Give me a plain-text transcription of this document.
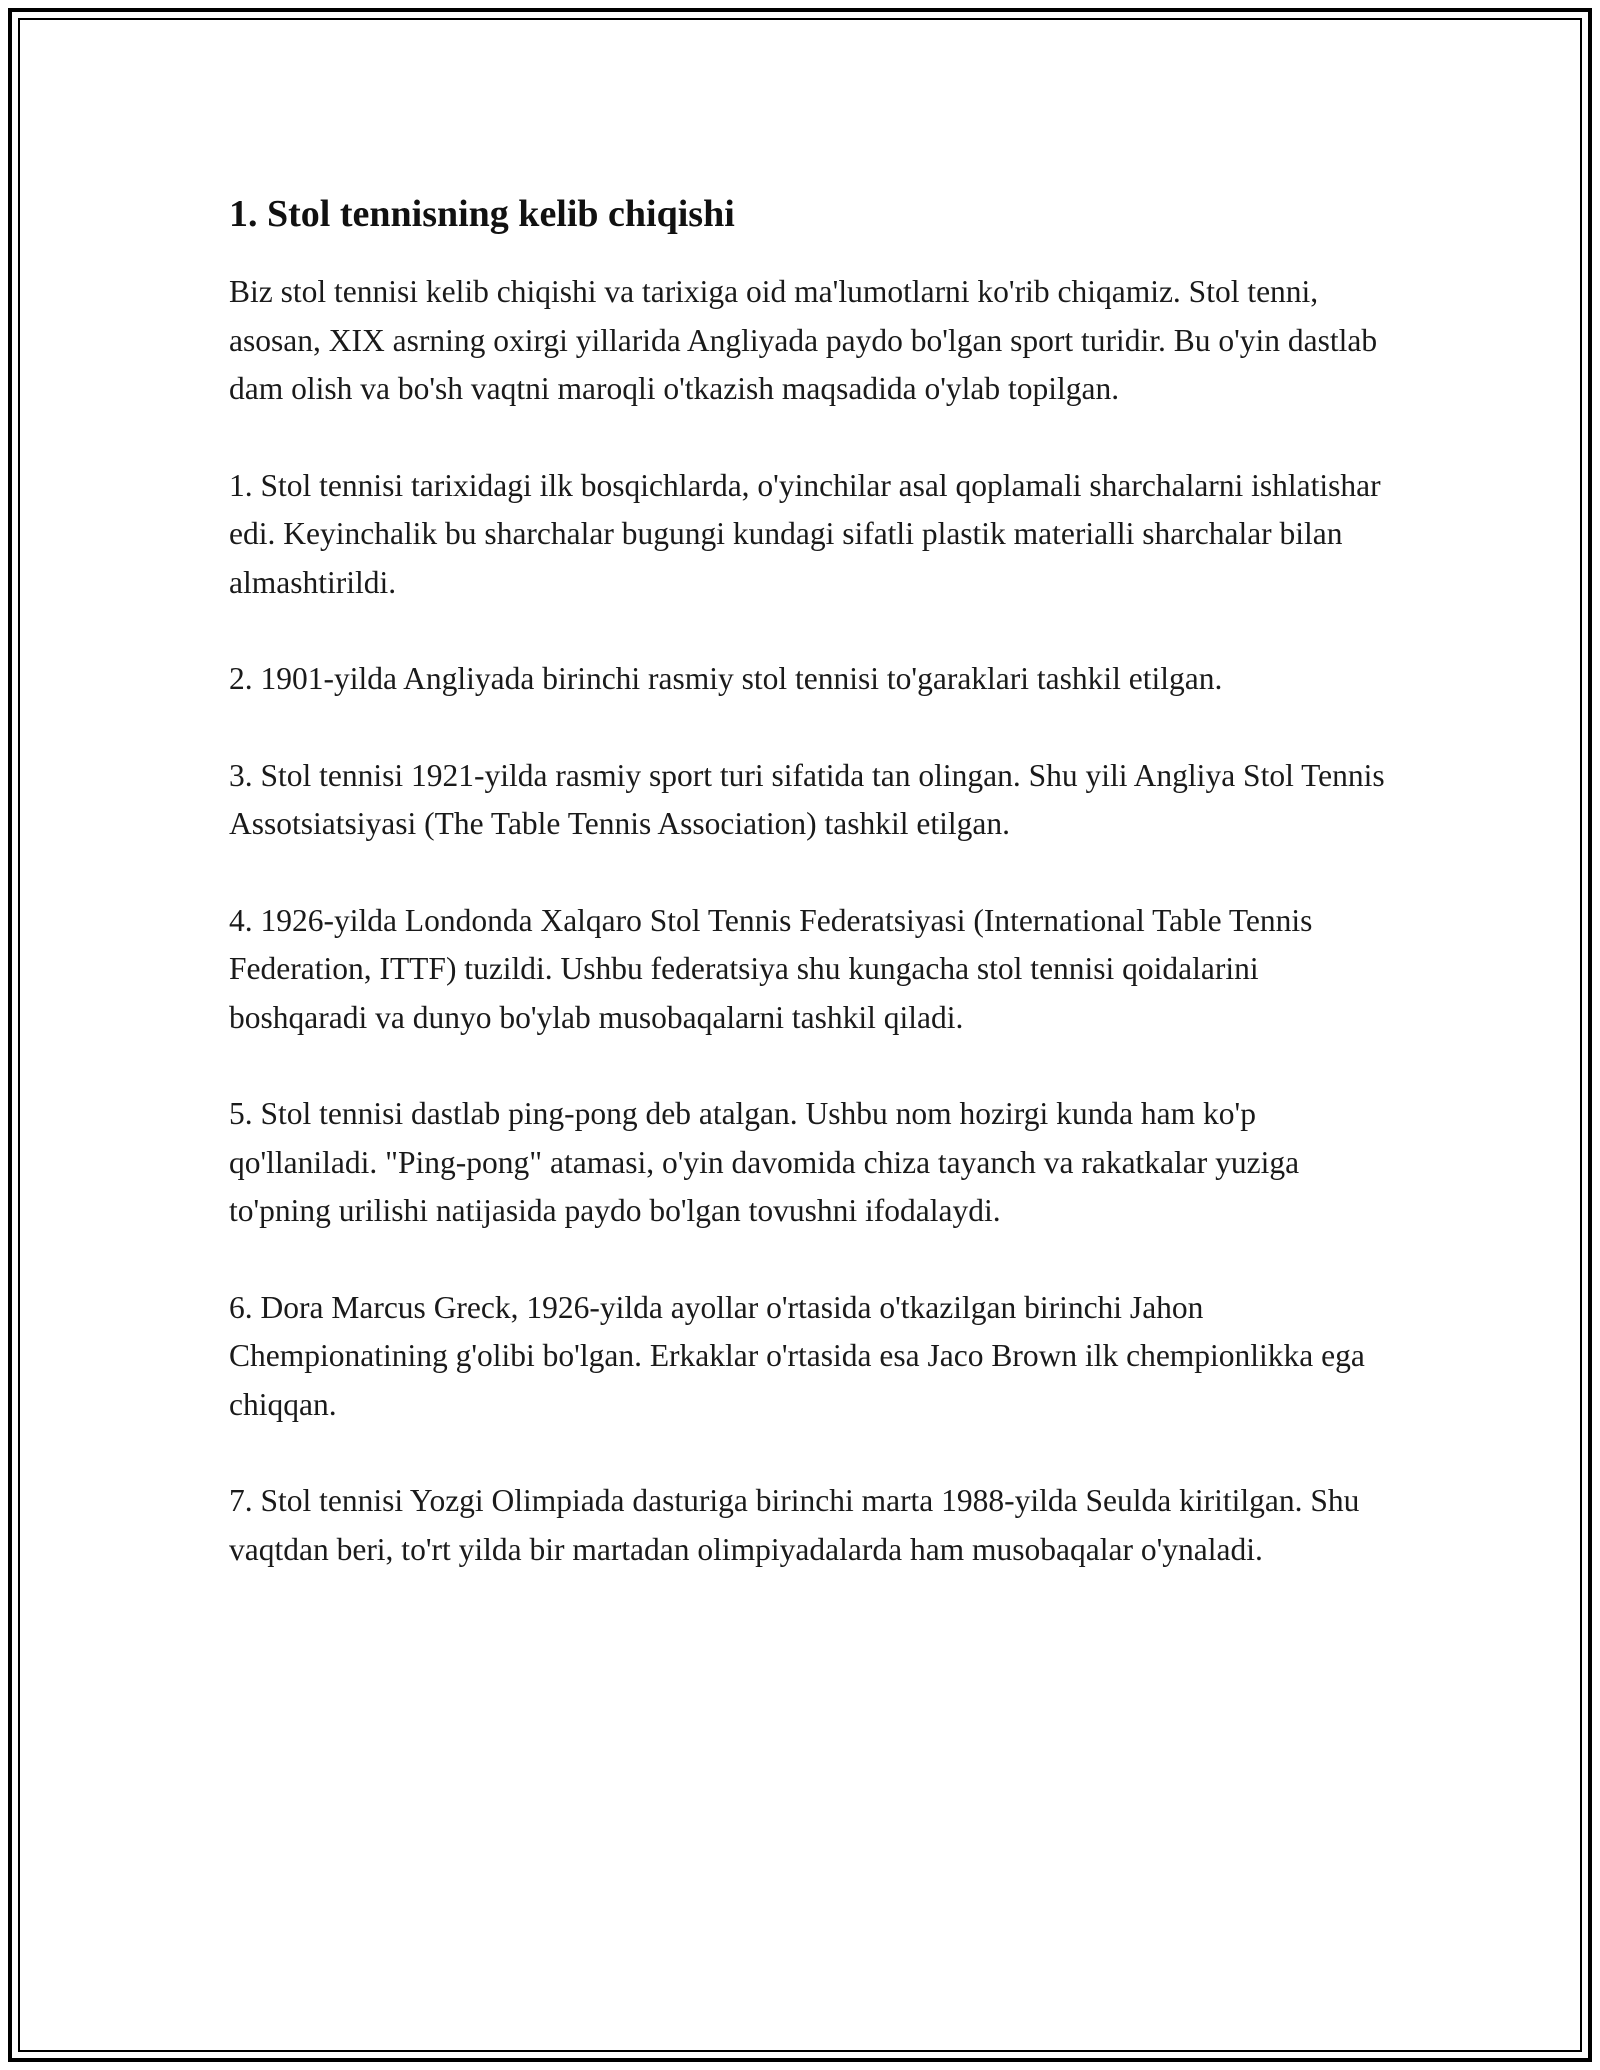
1. Stol tennisning kelib chiqishi

Biz stol tennisi kelib chiqishi va tarixiga oid ma'lumotlarni ko'rib chiqamiz. Stol tenni, asosan, XIX asrning oxirgi yillarida Angliyada paydo bo'lgan sport turidir. Bu o'yin dastlab dam olish va bo'sh vaqtni maroqli o'tkazish maqsadida o'ylab topilgan.

1. Stol tennisi tarixidagi ilk bosqichlarda, o'yinchilar asal qoplamali sharchalarni ishlatishar edi. Keyinchalik bu sharchalar bugungi kundagi sifatli plastik materialli sharchalar bilan almashtirildi.

2. 1901-yilda Angliyada birinchi rasmiy stol tennisi to'garaklari tashkil etilgan.

3. Stol tennisi 1921-yilda rasmiy sport turi sifatida tan olingan. Shu yili Angliya Stol Tennis Assotsiatsiyasi (The Table Tennis Association) tashkil etilgan.

4. 1926-yilda Londonda Xalqaro Stol Tennis Federatsiyasi (International Table Tennis Federation, ITTF) tuzildi. Ushbu federatsiya shu kungacha stol tennisi qoidalarini boshqaradi va dunyo bo'ylab musobaqalarni tashkil qiladi.

5. Stol tennisi dastlab ping-pong deb atalgan. Ushbu nom hozirgi kunda ham ko'p qo'llaniladi. "Ping-pong" atamasi, o'yin davomida chiza tayanch va rakatkalar yuziga to'pning urilishi natijasida paydo bo'lgan tovushni ifodalaydi.

6. Dora Marcus Greck, 1926-yilda ayollar o'rtasida o'tkazilgan birinchi Jahon Chempionatining g'olibi bo'lgan. Erkaklar o'rtasida esa Jaco Brown ilk chempionlikka ega chiqqan.

7. Stol tennisi Yozgi Olimpiada dasturiga birinchi marta 1988-yilda Seulda kiritilgan. Shu vaqtdan beri, to'rt yilda bir martadan olimpiyadalarda ham musobaqalar o'ynaladi.
